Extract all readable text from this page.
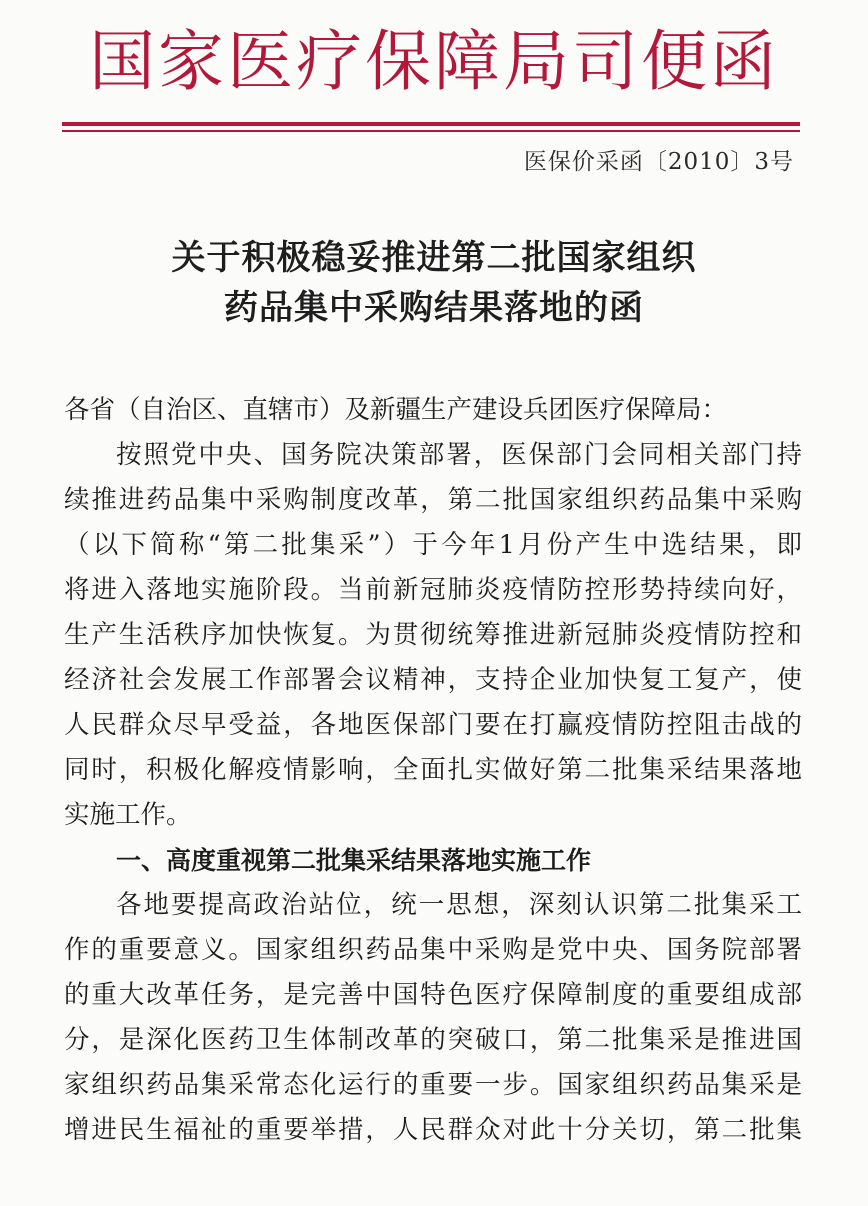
国家医疗保障局司便函
医保价采函〔2010〕3号
关于积极稳妥推进第二批国家组织
药品集中采购结果落地的函
各省（自治区、直辖市）及新疆生产建设兵团医疗保障局：
按照党中央、国务院决策部署，医保部门会同相关部门持
续推进药品集中采购制度改革，第二批国家组织药品集中采购
（以下简称“第二批集采”）于今年1月份产生中选结果，即
将进入落地实施阶段。当前新冠肺炎疫情防控形势持续向好，
生产生活秩序加快恢复。为贯彻统筹推进新冠肺炎疫情防控和
经济社会发展工作部署会议精神，支持企业加快复工复产，使
人民群众尽早受益，各地医保部门要在打赢疫情防控阻击战的
同时，积极化解疫情影响，全面扎实做好第二批集采结果落地
实施工作。
一、高度重视第二批集采结果落地实施工作
各地要提高政治站位，统一思想，深刻认识第二批集采工
作的重要意义。国家组织药品集中采购是党中央、国务院部署
的重大改革任务，是完善中国特色医疗保障制度的重要组成部
分，是深化医药卫生体制改革的突破口，第二批集采是推进国
家组织药品集采常态化运行的重要一步。国家组织药品集采是
增进民生福祉的重要举措，人民群众对此十分关切，第二批集
